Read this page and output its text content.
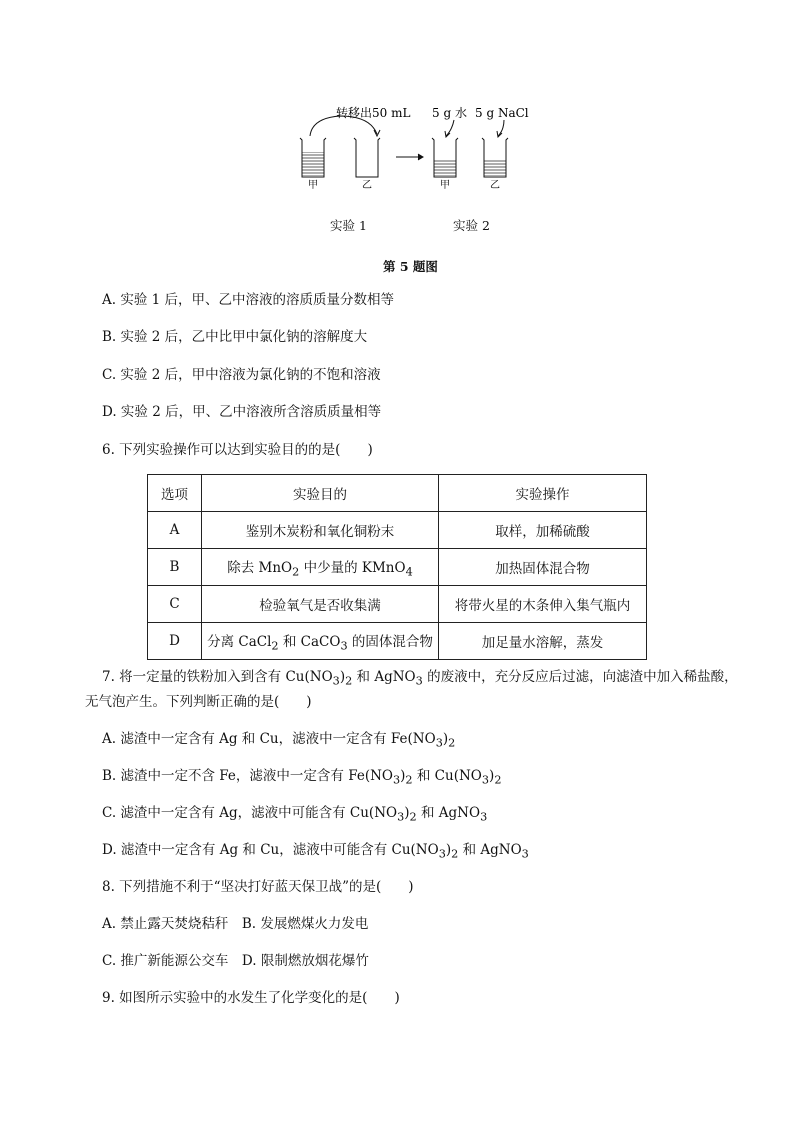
转移出50 mL
甲	乙
5 g 水 5 g NaCl
甲	乙
实验 1	实验 2
第 5 题图
A. 实验 1 后，甲、乙中溶液的溶质质量分数相等
B. 实验 2 后，乙中比甲中氯化钠的溶解度大
C. 实验 2 后，甲中溶液为氯化钠的不饱和溶液
D. 实验 2 后，甲、乙中溶液所含溶质质量相等
6. 下列实验操作可以达到实验目的的是(　　)
选项	实验目的	实验操作
A	鉴别木炭粉和氧化铜粉末	取样，加稀硫酸
B	除去 MnO$_2$ 中少量的 KMnO$_4$	加热固体混合物
C	检验氧气是否收集满	将带火星的木条伸入集气瓶内
D	分离 CaCl$_2$ 和 CaCO$_3$ 的固体混合物	加足量水溶解，蒸发
7. 将一定量的铁粉加入到含有 $Cu(NO_3)_2$ 和 AgNO$_3$ 的废液中，充分反应后过滤，向滤渣中加入稀盐酸，
无气泡产生。下列判断正确的是(　　)
A. 滤渣中一定含有 Ag 和 Cu，滤液中一定含有 $Fe(NO_3)_2$
B. 滤渣中一定不含 Fe，滤液中一定含有 $Fe(NO_3)_2$ 和 $Cu(NO_3)_2$
C. 滤渣中一定含有 Ag，滤液中可能含有 $Cu(NO_3)_2$ 和 AgNO$_3$
D. 滤渣中一定含有 Ag 和 Cu，滤液中可能含有 $Cu(NO_3)_2$ 和 AgNO$_3$
8. 下列措施不利于“坚决打好蓝天保卫战”的是(　　)
A. 禁止露天焚烧秸秆　B. 发展燃煤火力发电
C. 推广新能源公交车　D. 限制燃放烟花爆竹
9. 如图所示实验中的水发生了化学变化的是(　　)
